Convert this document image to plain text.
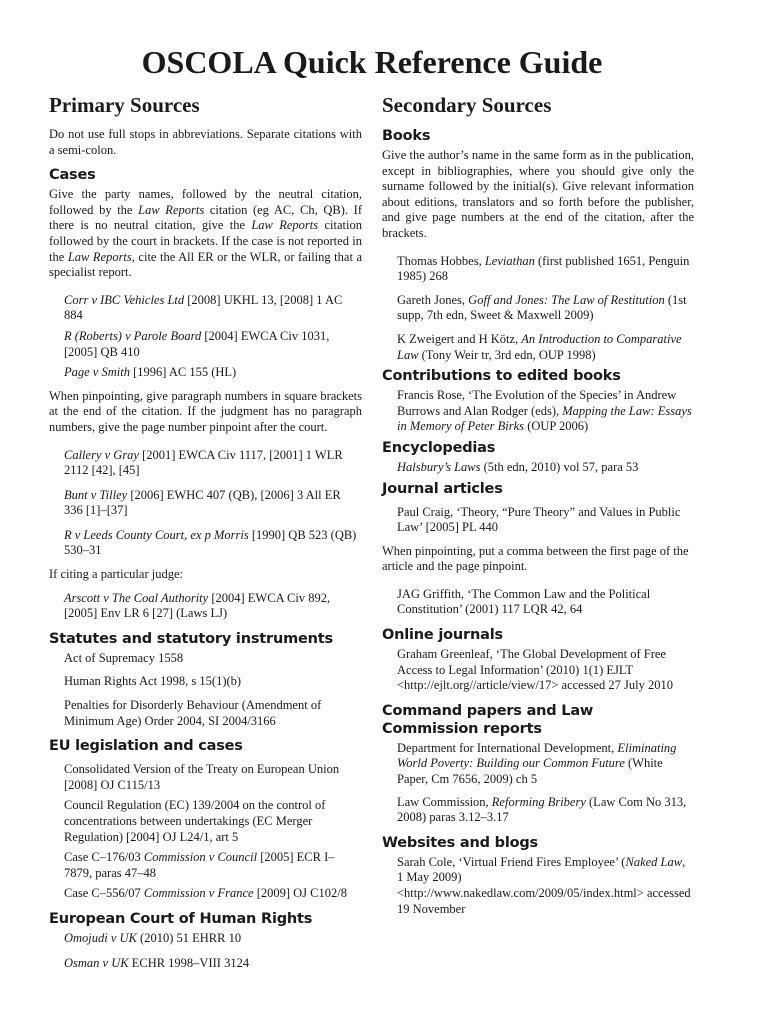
OSCOLA Quick Reference Guide
Primary Sources

Do not use full stops in abbreviations. Separate citations with a semi-colon.

Cases

Give the party names, followed by the neutral citation, followed by the Law Reports citation (eg AC, Ch, QB). If there is no neutral citation, give the Law Reports citation followed by the court in brackets. If the case is not reported in the Law Reports, cite the All ER or the WLR, or failing that a specialist report.

Corr v IBC Vehicles Ltd [2008] UKHL 13, [2008] 1 AC 884
R (Roberts) v Parole Board [2004] EWCA Civ 1031, [2005] QB 410
Page v Smith [1996] AC 155 (HL)

When pinpointing, give paragraph numbers in square brackets at the end of the citation. If the judgment has no paragraph numbers, give the page number pinpoint after the court.

Callery v Gray [2001] EWCA Civ 1117, [2001] 1 WLR 2112 [42], [45]
Bunt v Tilley [2006] EWHC 407 (QB), [2006] 3 All ER 336 [1]–[37]
R v Leeds County Court, ex p Morris [1990] QB 523 (QB) 530–31

If citing a particular judge:

Arscott v The Coal Authority [2004] EWCA Civ 892, [2005] Env LR 6 [27] (Laws LJ)
Statutes and statutory instruments
Act of Supremacy 1558
Human Rights Act 1998, s 15(1)(b)
Penalties for Disorderly Behaviour (Amendment of Minimum Age) Order 2004, SI 2004/3166
EU legislation and cases
Consolidated Version of the Treaty on European Union [2008] OJ C115/13
Council Regulation (EC) 139/2004 on the control of concentrations between undertakings (EC Merger Regulation) [2004] OJ L24/1, art 5
Case C–176/03 Commission v Council [2005] ECR I–7879, paras 47–48
Case C–556/07 Commission v France [2009] OJ C102/8
European Court of Human Rights
Omojudi v UK (2010) 51 EHRR 10
Osman v UK ECHR 1998–VIII 3124
Secondary Sources
Books

Give the author’s name in the same form as in the publication, except in bibliographies, where you should give only the surname followed by the initial(s). Give relevant information about editions, translators and so forth before the publisher, and give page numbers at the end of the citation, after the brackets.

Thomas Hobbes, Leviathan (first published 1651, Penguin 1985) 268
Gareth Jones, Goff and Jones: The Law of Restitution (1st supp, 7th edn, Sweet & Maxwell 2009)
K Zweigert and H Kötz, An Introduction to Comparative Law (Tony Weir tr, 3rd edn, OUP 1998)
Contributions to edited books
Francis Rose, ‘The Evolution of the Species’ in Andrew Burrows and Alan Rodger (eds), Mapping the Law: Essays in Memory of Peter Birks (OUP 2006)
Encyclopedias
Halsbury’s Laws (5th edn, 2010) vol 57, para 53
Journal articles
Paul Craig, ‘Theory, “Pure Theory” and Values in Public Law’ [2005] PL 440

When pinpointing, put a comma between the first page of the article and the page pinpoint.

JAG Griffith, ‘The Common Law and the Political Constitution’ (2001) 117 LQR 42, 64
Online journals
Graham Greenleaf, ‘The Global Development of Free Access to Legal Information’ (2010) 1(1) EJLT <http://ejlt.org//article/view/17> accessed 27 July 2010
Command papers and Law Commission reports
Department for International Development, Eliminating World Poverty: Building our Common Future (White Paper, Cm 7656, 2009) ch 5
Law Commission, Reforming Bribery (Law Com No 313, 2008) paras 3.12–3.17
Websites and blogs
Sarah Cole, ‘Virtual Friend Fires Employee’ (Naked Law, 1 May 2009) <http://www.nakedlaw.com/2009/05/index.html> accessed 19 November
